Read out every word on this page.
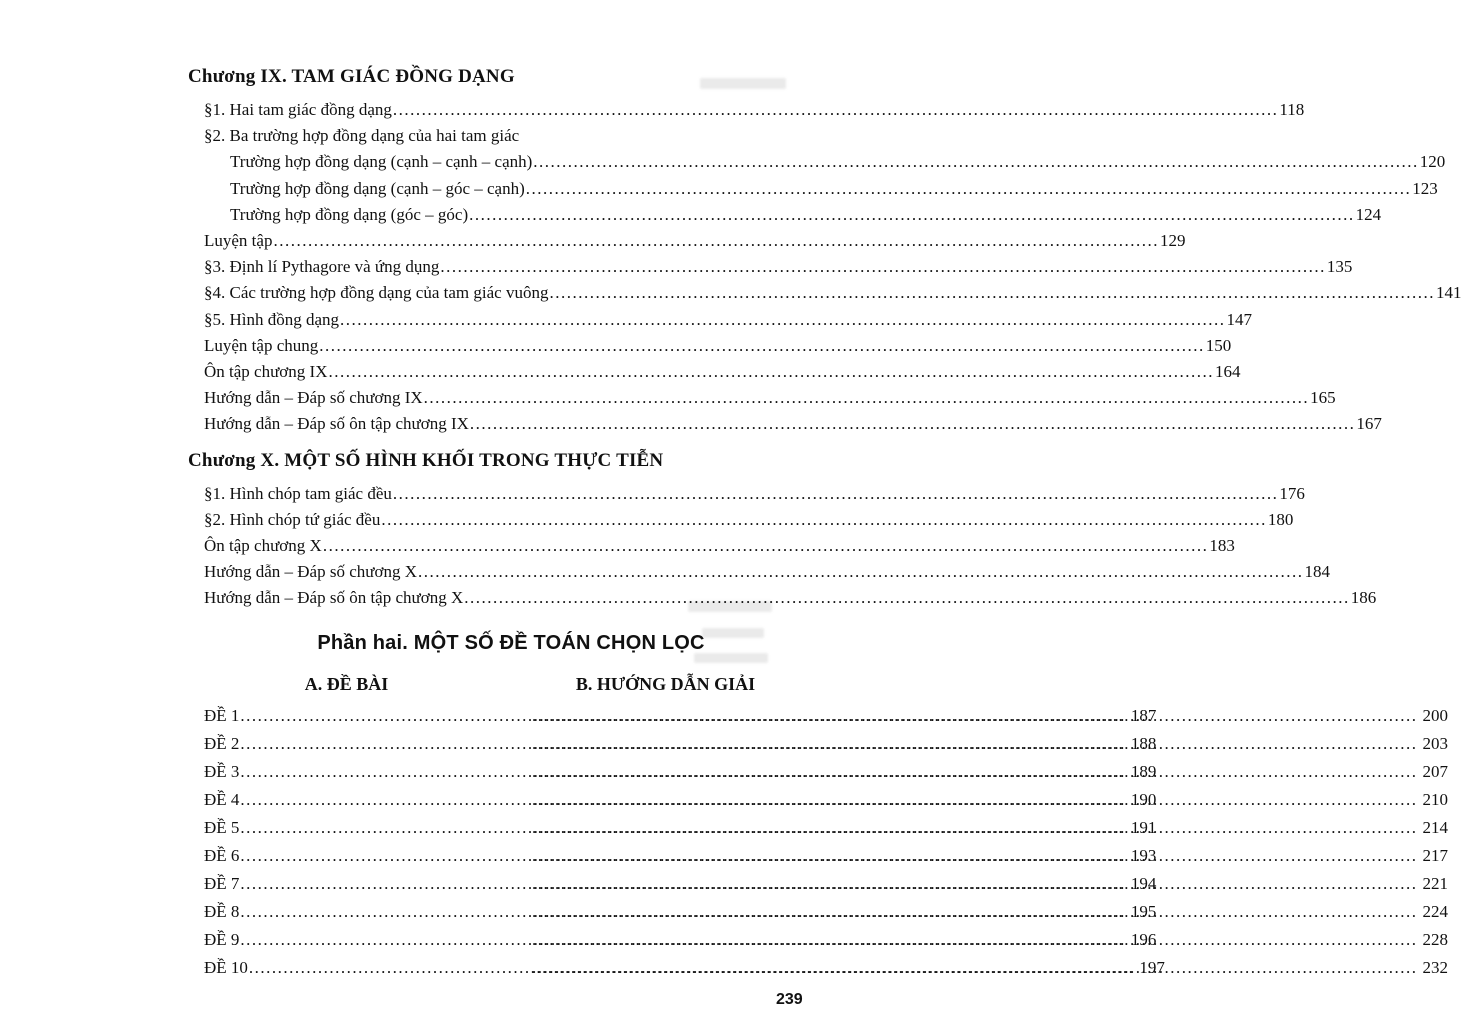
Chương IX. TAM GIÁC ĐỒNG DẠNG
§1. Hai tam giác đồng dạng .....	118
§2. Ba trường hợp đồng dạng của hai tam giác
Trường hợp đồng dạng (cạnh – cạnh – cạnh) .....	120
Trường hợp đồng dạng (cạnh – góc – cạnh) .....	123
Trường hợp đồng dạng (góc – góc) .....	124
Luyện tập .....	129
§3. Định lí Pythagore và ứng dụng .....	135
§4. Các trường hợp đồng dạng của tam giác vuông .....	141
§5. Hình đồng dạng .....	147
Luyện tập chung .....	150
Ôn tập chương IX .....	164
Hướng dẫn – Đáp số chương IX .....	165
Hướng dẫn – Đáp số ôn tập chương IX .....	167
Chương X. MỘT SỐ HÌNH KHỐI TRONG THỰC TIỄN
§1. Hình chóp tam giác đều .....	176
§2. Hình chóp tứ giác đều .....	180
Ôn tập chương X .....	183
Hướng dẫn – Đáp số chương X .....	184
Hướng dẫn – Đáp số ôn tập chương X .....	186
Phần hai. MỘT SỐ ĐỀ TOÁN CHỌN LỌC
A. ĐỀ BÀI	B. HƯỚNG DẪN GIẢI
ĐỀ 1 .....	187 .....	200
ĐỀ 2 .....	188 .....	203
ĐỀ 3 .....	189 .....	207
ĐỀ 4 .....	190 .....	210
ĐỀ 5 .....	191 .....	214
ĐỀ 6 .....	193 .....	217
ĐỀ 7 .....	194 .....	221
ĐỀ 8 .....	195 .....	224
ĐỀ 9 .....	196 .....	228
ĐỀ 10 .....	197 .....	232
239
